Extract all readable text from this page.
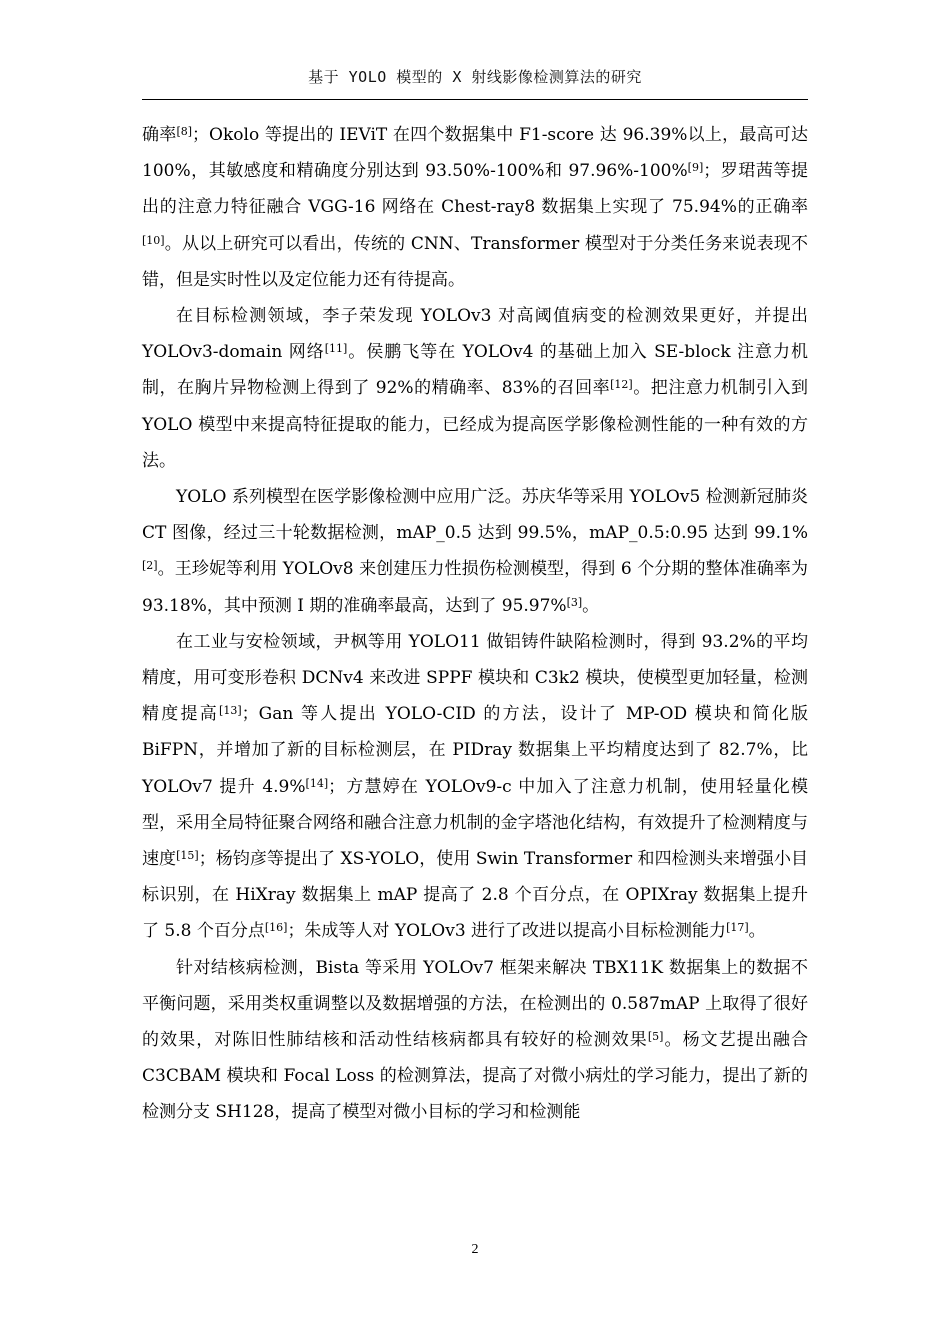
基于 YOLO 模型的 X 射线影像检测算法的研究

确率[8]；Okolo 等提出的 IEViT 在四个数据集中 F1-score 达 96.39%以上，最高可达 100%，其敏感度和精确度分别达到 93.50%-100%和 97.96%-100%[9]；罗珺茜等提出的注意力特征融合 VGG-16 网络在 Chest-ray8 数据集上实现了 75.94%的正确率[10]。从以上研究可以看出，传统的 CNN、Transformer 模型对于分类任务来说表现不错，但是实时性以及定位能力还有待提高。

在目标检测领域，李子荣发现 YOLOv3 对高阈值病变的检测效果更好，并提出 YOLOv3-domain 网络[11]。侯鹏飞等在 YOLOv4 的基础上加入 SE-block 注意力机制，在胸片异物检测上得到了 92%的精确率、83%的召回率[12]。把注意力机制引入到 YOLO 模型中来提高特征提取的能力，已经成为提高医学影像检测性能的一种有效的方法。

YOLO 系列模型在医学影像检测中应用广泛。苏庆华等采用 YOLOv5 检测新冠肺炎 CT 图像，经过三十轮数据检测，mAP_0.5 达到 99.5%，mAP_0.5:0.95 达到 99.1%[2]。王珍妮等利用 YOLOv8 来创建压力性损伤检测模型，得到 6 个分期的整体准确率为 93.18%，其中预测 I 期的准确率最高，达到了 95.97%[3]。

在工业与安检领域，尹枫等用 YOLO11 做铝铸件缺陷检测时，得到 93.2%的平均精度，用可变形卷积 DCNv4 来改进 SPPF 模块和 C3k2 模块，使模型更加轻量，检测精度提高[13]；Gan 等人提出 YOLO-CID 的方法，设计了 MP-OD 模块和简化版 BiFPN，并增加了新的目标检测层，在 PIDray 数据集上平均精度达到了 82.7%，比 YOLOv7 提升 4.9%[14]；方慧婷在 YOLOv9-c 中加入了注意力机制，使用轻量化模型，采用全局特征聚合网络和融合注意力机制的金字塔池化结构，有效提升了检测精度与速度[15]；杨钧彦等提出了 XS-YOLO，使用 Swin Transformer 和四检测头来增强小目标识别，在 HiXray 数据集上 mAP 提高了 2.8 个百分点，在 OPIXray 数据集上提升了 5.8 个百分点[16]；朱成等人对 YOLOv3 进行了改进以提高小目标检测能力[17]。

针对结核病检测，Bista 等采用 YOLOv7 框架来解决 TBX11K 数据集上的数据不平衡问题，采用类权重调整以及数据增强的方法，在检测出的 0.587mAP 上取得了很好的效果，对陈旧性肺结核和活动性结核病都具有较好的检测效果[5]。杨文艺提出融合 C3CBAM 模块和 Focal Loss 的检测算法，提高了对微小病灶的学习能力，提出了新的检测分支 SH128，提高了模型对微小目标的学习和检测能

2
